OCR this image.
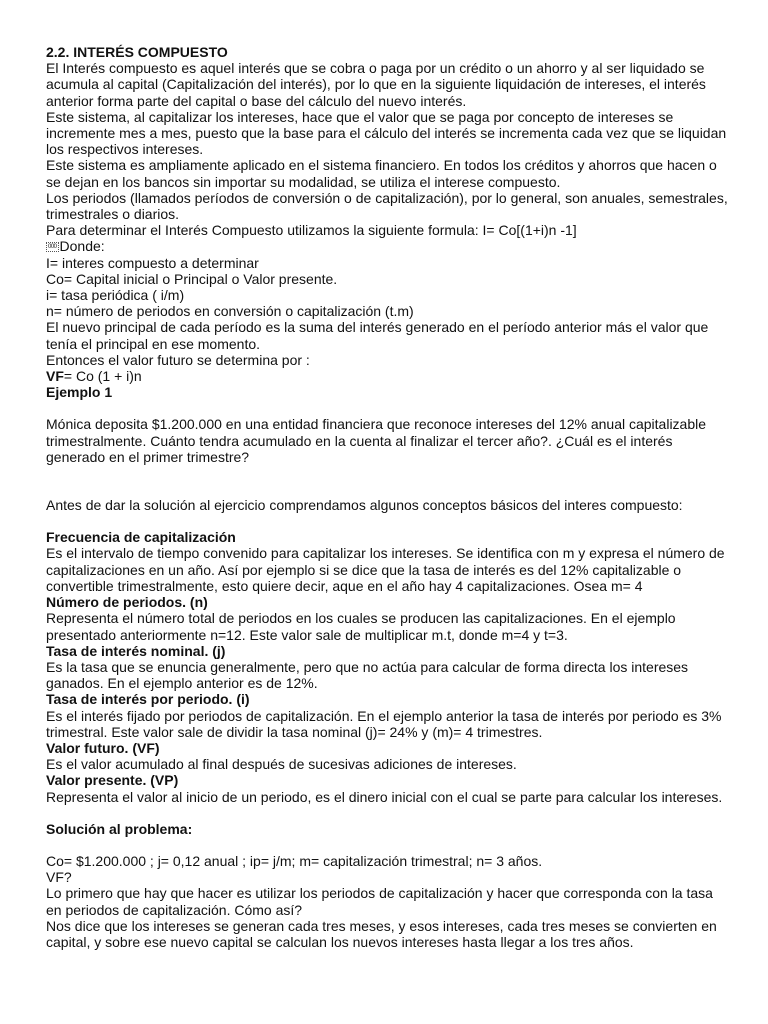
2.2. INTERÉS COMPUESTO

El Interés compuesto es aquel interés que se cobra o paga por un crédito o un ahorro y al ser liquidado se acumula al capital (Capitalización del interés), por lo que en la siguiente liquidación de intereses, el interés anterior forma parte del capital o base del cálculo del nuevo interés.

Este sistema, al capitalizar los intereses, hace que el valor que se paga por concepto de intereses se incremente mes a mes, puesto que la base para el cálculo del interés se incrementa cada vez que se liquidan los respectivos intereses.

Este sistema es ampliamente aplicado en el sistema financiero. En todos los créditos y ahorros que hacen o se dejan en los bancos sin importar su modalidad, se utiliza el interese compuesto.

Los periodos (llamados períodos de conversión o de capitalización), por lo general, son anuales, semestrales, trimestrales o diarios.

Para determinar el Interés Compuesto utilizamos la siguiente formula: I= Co[(1+i)n -1]

000 Donde:

I= interes compuesto a determinar

Co= Capital inicial o Principal o Valor presente.

i= tasa periódica ( i/m)

n= número de periodos en conversión o capitalización (t.m)

El nuevo principal de cada período es la suma del interés generado en el período anterior más el valor que tenía el principal en ese momento.

Entonces el valor futuro se determina por :

VF= Co (1 + i)n

Ejemplo 1

Mónica deposita $1.200.000 en una entidad financiera que reconoce intereses del 12% anual capitalizable trimestralmente. Cuánto tendra acumulado en la cuenta al finalizar el tercer año?. ¿Cuál es el interés generado en el primer trimestre?

Antes de dar la solución al ejercicio comprendamos algunos conceptos básicos del interes compuesto:

Frecuencia de capitalización

Es el intervalo de tiempo convenido para capitalizar los intereses. Se identifica con m y expresa el número de capitalizaciones en un año. Así por ejemplo si se dice que la tasa de interés es del 12% capitalizable o convertible trimestralmente, esto quiere decir, aque en el año hay 4 capitalizaciones. Osea m= 4

Número de periodos. (n)

Representa el número total de periodos en los cuales se producen las capitalizaciones. En el ejemplo presentado anteriormente n=12. Este valor sale de multiplicar m.t, donde m=4 y t=3.

Tasa de interés nominal. (j)

Es la tasa que se enuncia generalmente, pero que no actúa para calcular de forma directa los intereses ganados. En el ejemplo anterior es de 12%.

Tasa de interés por periodo. (i)

Es el interés fijado por periodos de capitalización. En el ejemplo anterior la tasa de interés por periodo es 3% trimestral. Este valor sale de dividir la tasa nominal (j)= 24% y (m)= 4 trimestres.

Valor futuro. (VF)

Es el valor acumulado al final después de sucesivas adiciones de intereses.

Valor presente. (VP)

Representa el valor al inicio de un periodo, es el dinero inicial con el cual se parte para calcular los intereses.

Solución al problema:

Co= $1.200.000 ; j= 0,12 anual ; ip= j/m; m= capitalización trimestral; n= 3 años.

VF?

Lo primero que hay que hacer es utilizar los periodos de capitalización y hacer que corresponda con la tasa en periodos de capitalización. Cómo así?

Nos dice que los intereses se generan cada tres meses, y esos intereses, cada tres meses se convierten en capital, y sobre ese nuevo capital se calculan los nuevos intereses hasta llegar a los tres años.
